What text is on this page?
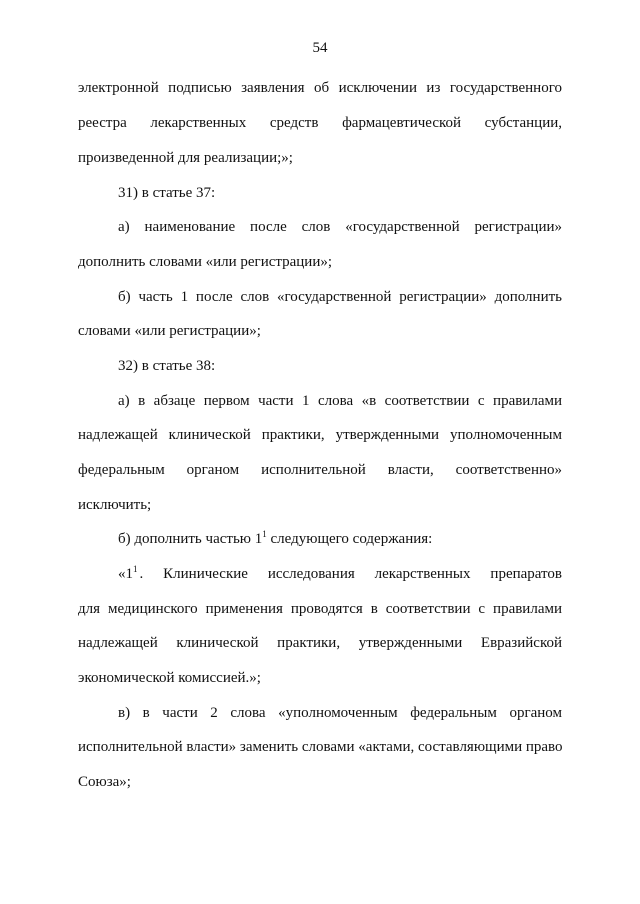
54
электронной подписью заявления об исключении из государственного
реестра лекарственных средств фармацевтической субстанции,
произведенной для реализации;»;
31) в статье 37:
а) наименование после слов «государственной регистрации»
дополнить словами «или регистрации»;
б) часть 1 после слов «государственной регистрации» дополнить
словами «или регистрации»;
32) в статье 38:
а) в абзаце первом части 1 слова «в соответствии с правилами
надлежащей клинической практики, утвержденными уполномоченным
федеральным органом исполнительной власти, соответственно»
исключить;
б) дополнить частью $1^1$ следующего содержания:
«$1^1$ . Клинические исследования лекарственных препаратов
для медицинского применения проводятся в соответствии с правилами
надлежащей клинической практики, утвержденными Евразийской
экономической комиссией.»;
в) в части 2 слова «уполномоченным федеральным органом
исполнительной власти» заменить словами «актами, составляющими право
Союза»;
